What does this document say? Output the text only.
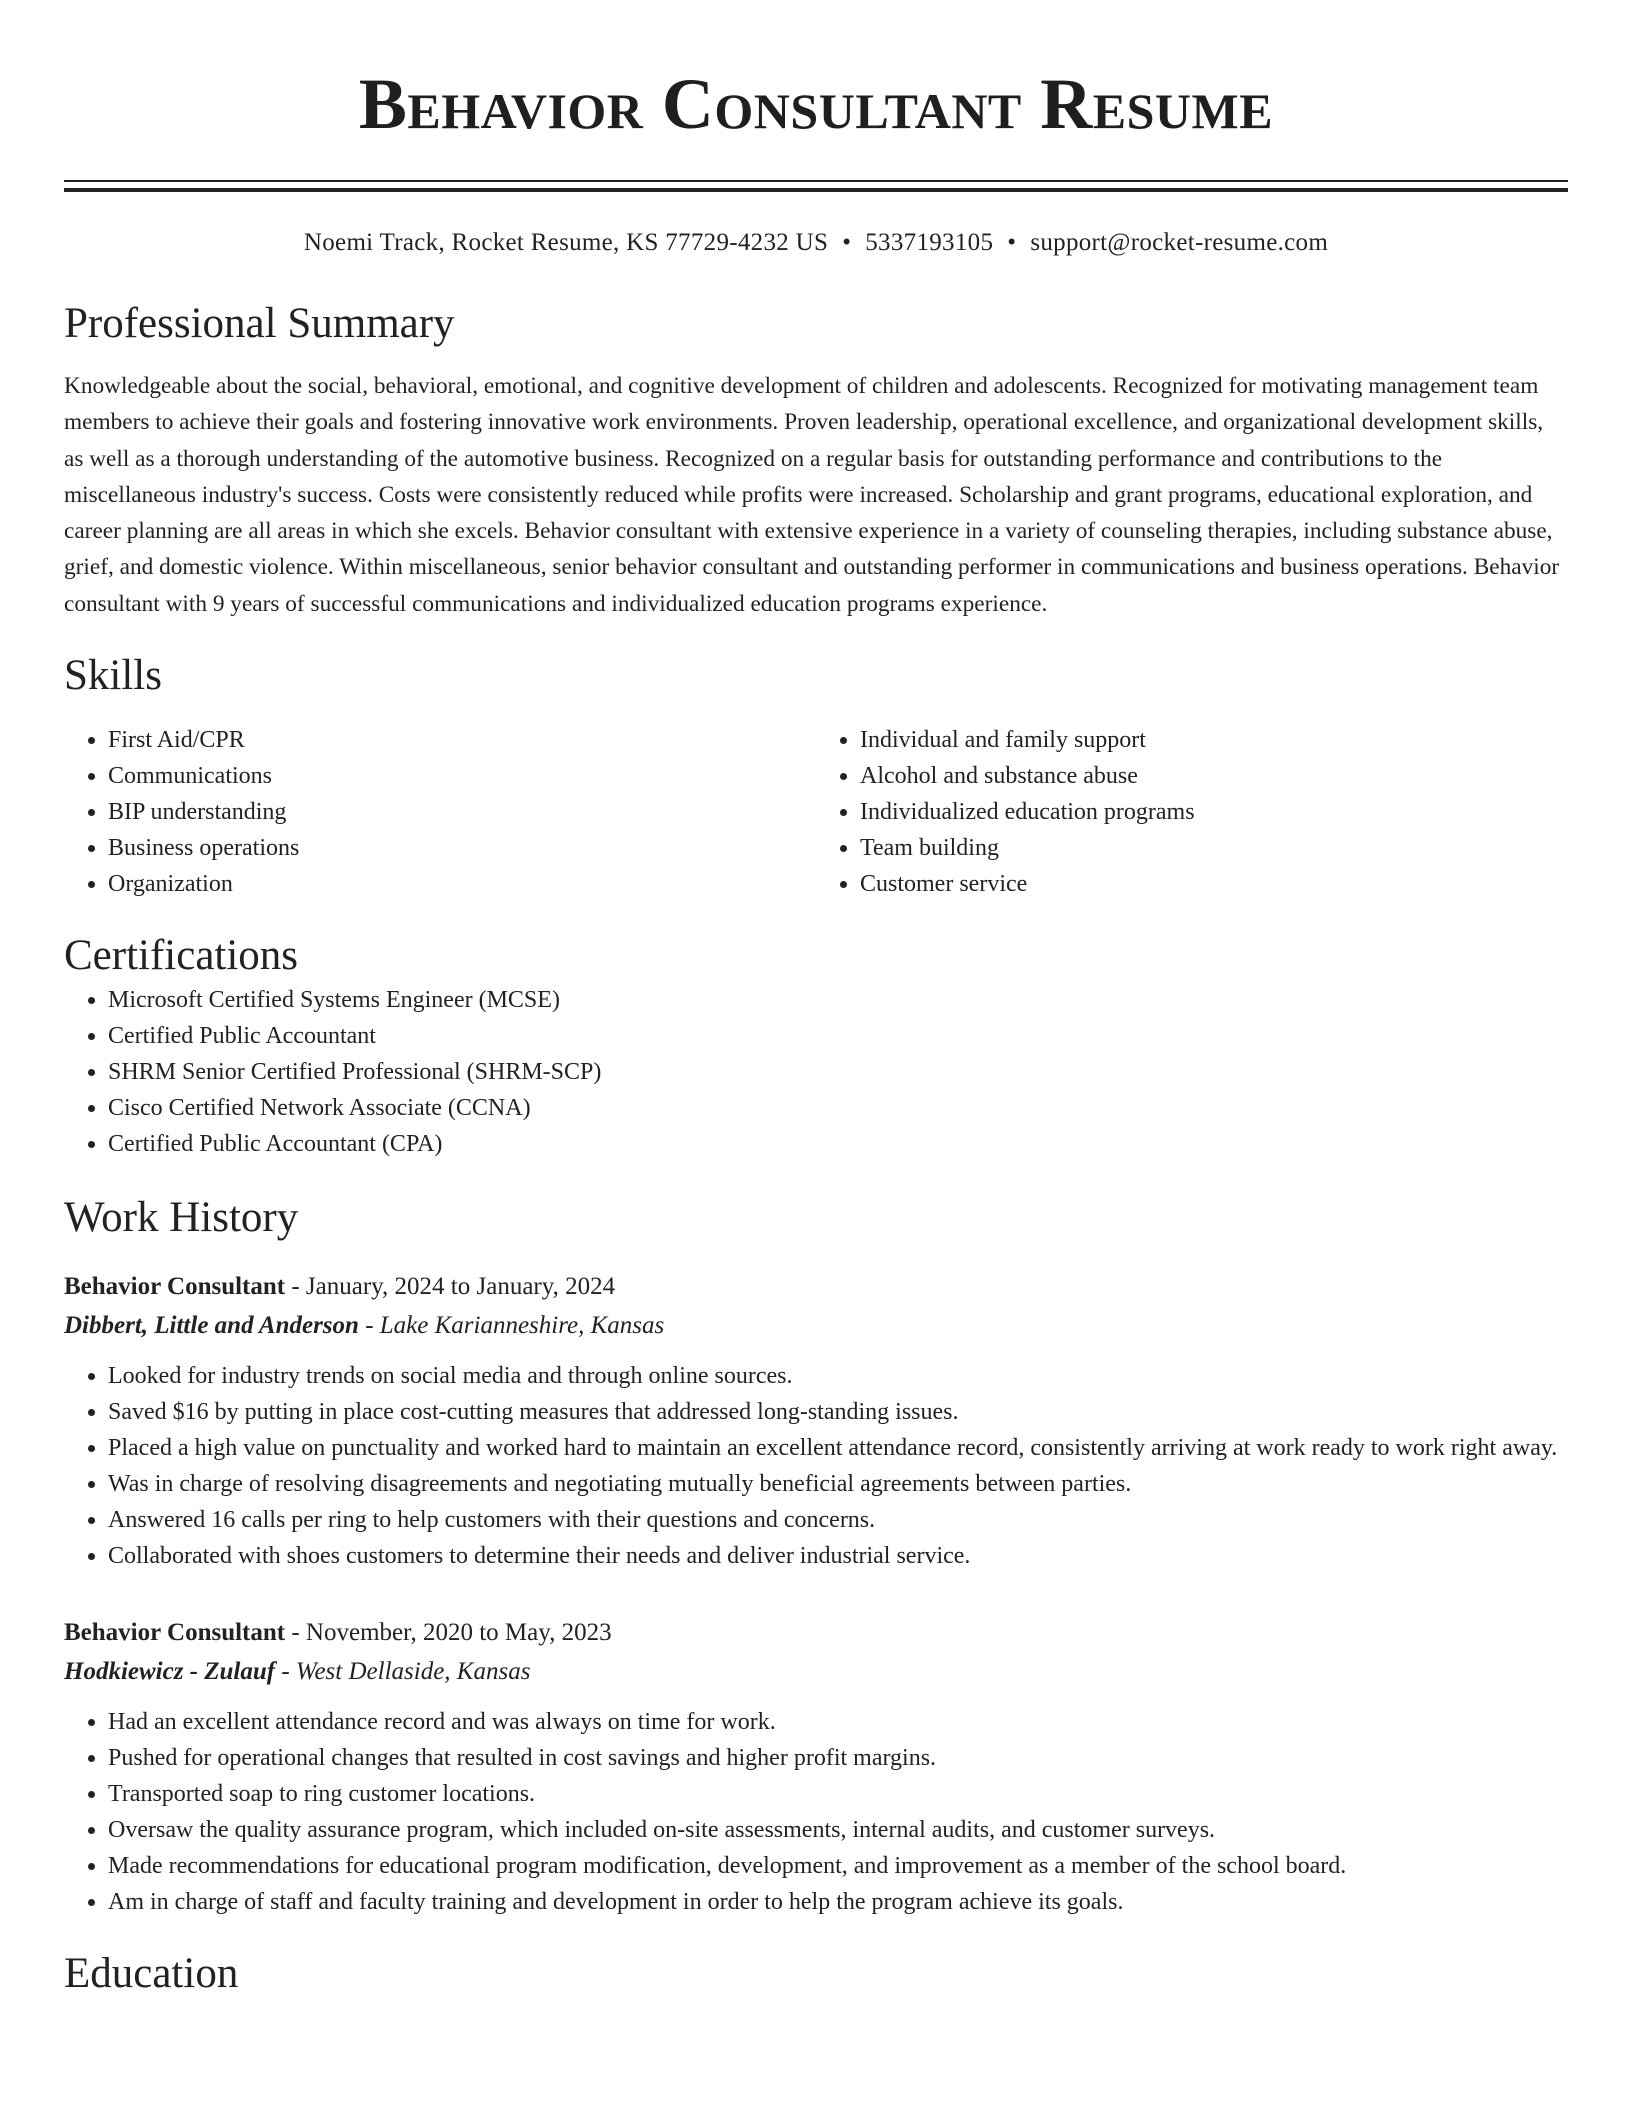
Behavior Consultant Resume
Noemi Track, Rocket Resume, KS 77729-4232 US • 5337193105 • support@rocket-resume.com
Professional Summary
Knowledgeable about the social, behavioral, emotional, and cognitive development of children and adolescents. Recognized for motivating management team members to achieve their goals and fostering innovative work environments. Proven leadership, operational excellence, and organizational development skills, as well as a thorough understanding of the automotive business. Recognized on a regular basis for outstanding performance and contributions to the miscellaneous industry's success. Costs were consistently reduced while profits were increased. Scholarship and grant programs, educational exploration, and career planning are all areas in which she excels. Behavior consultant with extensive experience in a variety of counseling therapies, including substance abuse, grief, and domestic violence. Within miscellaneous, senior behavior consultant and outstanding performer in communications and business operations. Behavior consultant with 9 years of successful communications and individualized education programs experience.
Skills
• First Aid/CPR
• Communications
• BIP understanding
• Business operations
• Organization
• Individual and family support
• Alcohol and substance abuse
• Individualized education programs
• Team building
• Customer service
Certifications
• Microsoft Certified Systems Engineer (MCSE)
• Certified Public Accountant
• SHRM Senior Certified Professional (SHRM-SCP)
• Cisco Certified Network Associate (CCNA)
• Certified Public Accountant (CPA)
Work History
Behavior Consultant - January, 2024 to January, 2024
Dibbert, Little and Anderson - Lake Karianneshire, Kansas
• Looked for industry trends on social media and through online sources.
• Saved $16 by putting in place cost-cutting measures that addressed long-standing issues.
• Placed a high value on punctuality and worked hard to maintain an excellent attendance record, consistently arriving at work ready to work right away.
• Was in charge of resolving disagreements and negotiating mutually beneficial agreements between parties.
• Answered 16 calls per ring to help customers with their questions and concerns.
• Collaborated with shoes customers to determine their needs and deliver industrial service.
Behavior Consultant - November, 2020 to May, 2023
Hodkiewicz - Zulauf - West Dellaside, Kansas
• Had an excellent attendance record and was always on time for work.
• Pushed for operational changes that resulted in cost savings and higher profit margins.
• Transported soap to ring customer locations.
• Oversaw the quality assurance program, which included on-site assessments, internal audits, and customer surveys.
• Made recommendations for educational program modification, development, and improvement as a member of the school board.
• Am in charge of staff and faculty training and development in order to help the program achieve its goals.
Education
